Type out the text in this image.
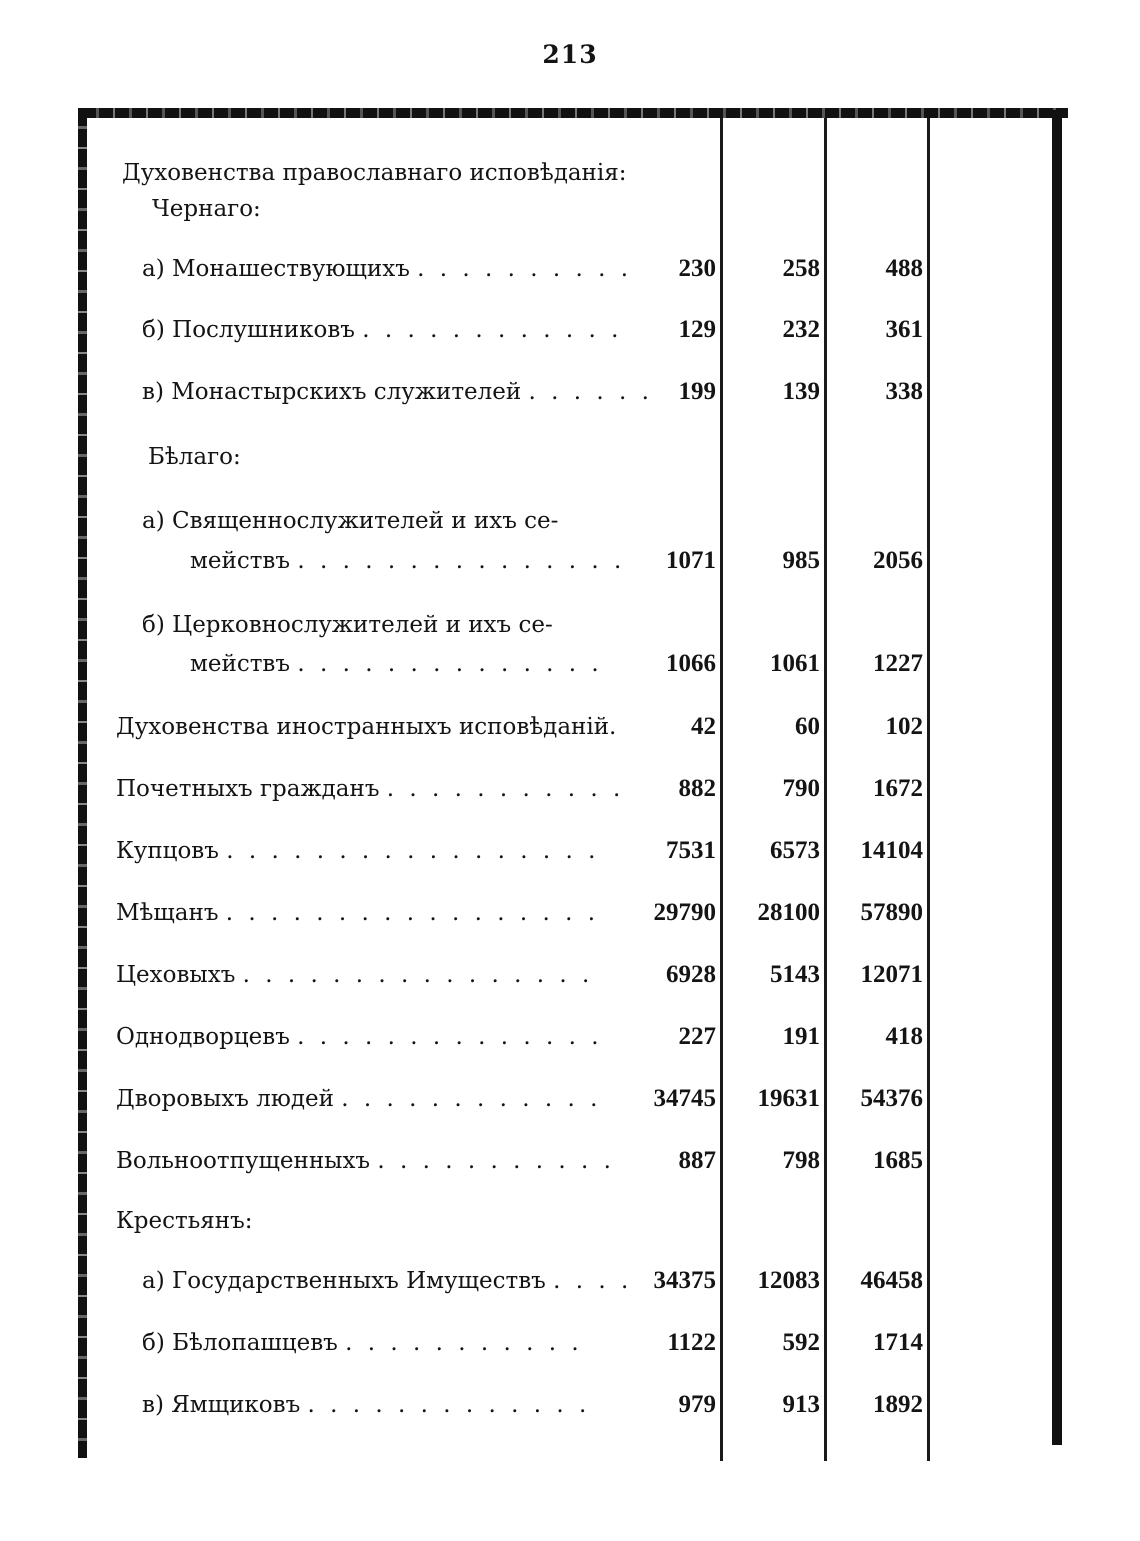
213
Духовенства православнаго исповѣданія:
Чернаго:
а) Монашествующихъ . . . . . . . . . .	230	258	488
б) Послушниковъ . . . . . . . . . . . .	129	232	361
в) Монастырскихъ служителей . . . . . .	199	139	338
Бѣлаго:
а) Священнослужителей и ихъ се-
мействъ . . . . . . . . . . . . . . .	1071	985	2056
б) Церковнослужителей и ихъ се-
мействъ . . . . . . . . . . . . . .	1066	1061	1227
Духовенства иностранныхъ исповѣданій.	42	60	102
Почетныхъ гражданъ . . . . . . . . . . .	882	790	1672
Купцовъ . . . . . . . . . . . . . . . . .	7531	6573	14104
Мѣщанъ . . . . . . . . . . . . . . . . .	29790	28100	57890
Цеховыхъ . . . . . . . . . . . . . . . .	6928	5143	12071
Однодворцевъ . . . . . . . . . . . . . .	227	191	418
Дворовыхъ людей . . . . . . . . . . . .	34745	19631	54376
Вольноотпущенныхъ . . . . . . . . . . .	887	798	1685
Крестьянъ:
а) Государственныхъ Имуществъ . . . . 34375	12083	46458
б) Бѣлопашцевъ . . . . . . . . . . .	1122	592	1714
в) Ямщиковъ . . . . . . . . . . . . .	979	913	1892
